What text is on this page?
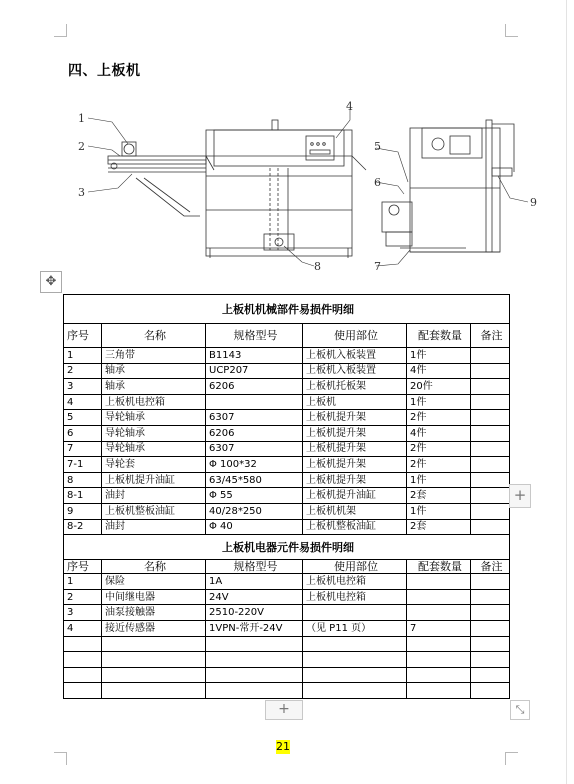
四、上板机
1
2
3
4
5
6
7
8
9
✥
上板机机械部件易损件明细					
序号	名称	规格型号	使用部位	配套数量	备注
1	三角带	B1143	上板机入板装置	1件	
2	轴承	UCP207	上板机入板装置	4件	
3	轴承	6206	上板机托板架	20件	
4	上板机电控箱		上板机	1件	
5	导轮轴承	6307	上板机提升架	2件	
6	导轮轴承	6206	上板机提升架	4件	
7	导轮轴承	6307	上板机提升架	2件	
7-1	导轮套	Φ 100*32	上板机提升架	2件	
8	上板机提升油缸	63/45*580	上板机提升架	1件	
8-1	油封	Φ 55	上板机提升油缸	2套	
9	上板机整板油缸	40/28*250	上板机机架	1件	
8-2	油封	Φ 40	上板机整板油缸	2套	
上板机电器元件易损件明细					
序号	名称	规格型号	使用部位	配套数量	备注
1	保险	1A	上板机电控箱		
2	中间继电器	24V	上板机电控箱		
3	油泵接触器	2510-220V			
4	接近传感器	1VPN-常开-24V	（见 P11 页）	7	

+
+	⤡
21
